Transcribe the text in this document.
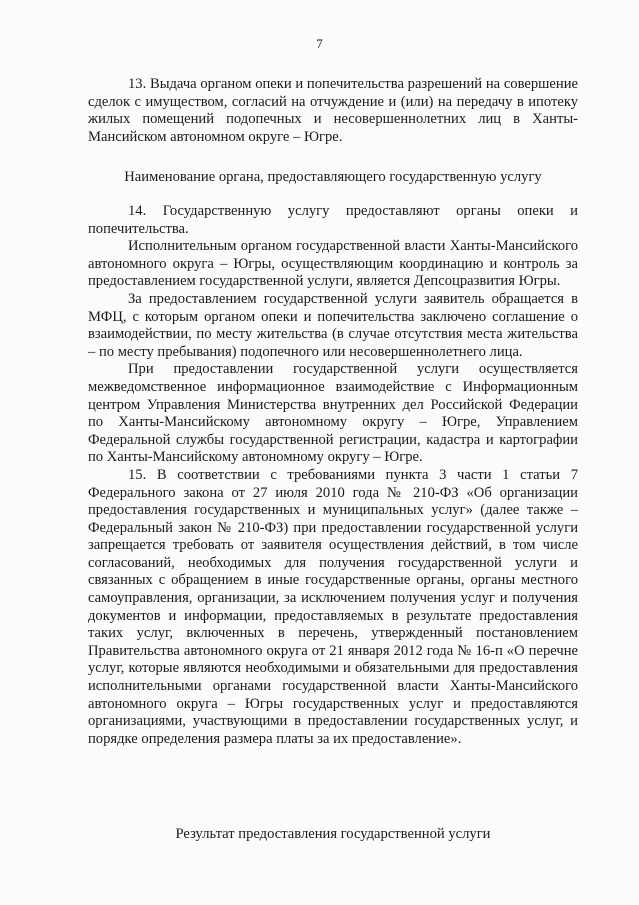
7

13. Выдача органом опеки и попечительства разрешений на совершение сделок с имуществом, согласий на отчуждение и (или) на передачу в ипотеку жилых помещений подопечных и несовершеннолетних лиц в Ханты-Мансийском автономном округе – Югре.

Наименование органа, предоставляющего государственную услугу

14. Государственную услугу предоставляют органы опеки и попечительства.

Исполнительным органом государственной власти Ханты-Мансийского автономного округа – Югры, осуществляющим координацию и контроль за предоставлением государственной услуги, является Депсоцразвития Югры.

За предоставлением государственной услуги заявитель обращается в МФЦ, с которым органом опеки и попечительства заключено соглашение о взаимодействии, по месту жительства (в случае отсутствия места жительства – по месту пребывания) подопечного или несовершеннолетнего лица.

При предоставлении государственной услуги осуществляется межведомственное информационное взаимодействие с Информационным центром Управления Министерства внутренних дел Российской Федерации по Ханты-Мансийскому автономному округу – Югре, Управлением Федеральной службы государственной регистрации, кадастра и картографии по Ханты-Мансийскому автономному округу – Югре.

15. В соответствии с требованиями пункта 3 части 1 статьи 7 Федерального закона от 27 июля 2010 года № 210-ФЗ «Об организации предоставления государственных и муниципальных услуг» (далее также – Федеральный закон № 210-ФЗ) при предоставлении государственной услуги запрещается требовать от заявителя осуществления действий, в том числе согласований, необходимых для получения государственной услуги и связанных с обращением в иные государственные органы, органы местного самоуправления, организации, за исключением получения услуг и получения документов и информации, предоставляемых в результате предоставления таких услуг, включенных в перечень, утвержденный постановлением Правительства автономного округа от 21 января 2012 года № 16-п «О перечне услуг, которые являются необходимыми и обязательными для предоставления исполнительными органами государственной власти Ханты-Мансийского автономного округа – Югры государственных услуг и предоставляются организациями, участвующими в предоставлении государственных услуг, и порядке определения размера платы за их предоставление».

Результат предоставления государственной услуги
